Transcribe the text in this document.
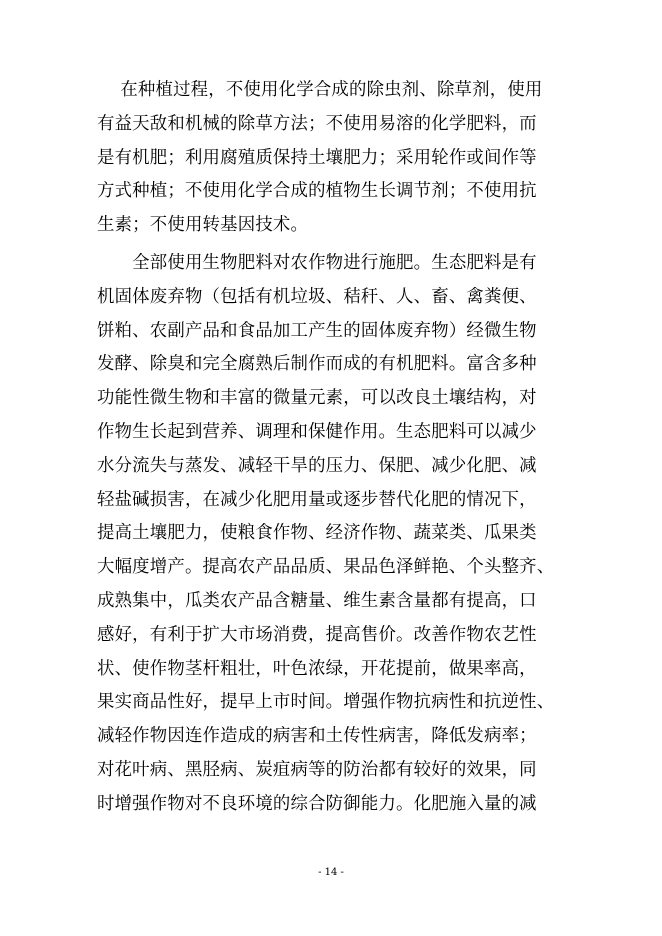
　 在种植过程，不使用化学合成的除虫剂、除草剂，使用
有益天敌和机械的除草方法；不使用易溶的化学肥料，而
是有机肥；利用腐殖质保持土壤肥力；采用轮作或间作等
方式种植；不使用化学合成的植物生长调节剂；不使用抗
生素；不使用转基因技术。
　　全部使用生物肥料对农作物进行施肥。生态肥料是有
机固体废弃物（包括有机垃圾、秸秆、人、畜、禽粪便、
饼粕、农副产品和食品加工产生的固体废弃物）经微生物
发酵、除臭和完全腐熟后制作而成的有机肥料。富含多种
功能性微生物和丰富的微量元素，可以改良土壤结构，对
作物生长起到营养、调理和保健作用。生态肥料可以减少
水分流失与蒸发、减轻干旱的压力、保肥、减少化肥、减
轻盐碱损害，在减少化肥用量或逐步替代化肥的情况下，
提高土壤肥力，使粮食作物、经济作物、蔬菜类、瓜果类
大幅度增产。提高农产品品质、果品色泽鲜艳、个头整齐、
成熟集中，瓜类农产品含糖量、维生素含量都有提高，口
感好，有利于扩大市场消费，提高售价。改善作物农艺性
状、使作物茎杆粗壮，叶色浓绿，开花提前，做果率高，
果实商品性好，提早上市时间。增强作物抗病性和抗逆性、
减轻作物因连作造成的病害和土传性病害，降低发病率；
对花叶病、黑胫病、炭疽病等的防治都有较好的效果，同
时增强作物对不良环境的综合防御能力。化肥施入量的减
- 14 -
